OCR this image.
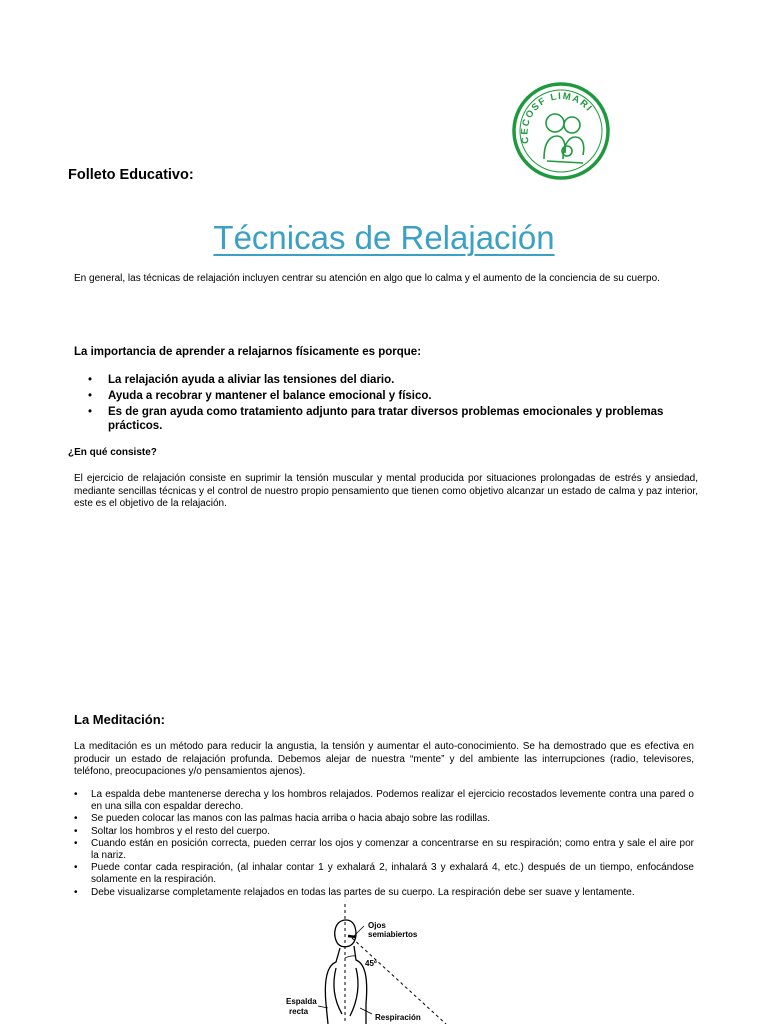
CECOSF LIMARI
Folleto Educativo:
Técnicas de Relajación
En general, las técnicas de relajación incluyen centrar su atención en algo que lo calma y el aumento de la conciencia de su cuerpo.
La importancia de aprender a relajarnos físicamente es porque:
• La relajación ayuda a aliviar las tensiones del diario.
• Ayuda a recobrar y mantener el balance emocional y físico.
• Es de gran ayuda como tratamiento adjunto para tratar diversos problemas emocionales y problemas prácticos.
¿En qué consiste?
El ejercicio de relajación consiste en suprimir la tensión muscular y mental producida por situaciones prolongadas de estrés y ansiedad, mediante sencillas técnicas y el control de nuestro propio pensamiento que tienen como objetivo alcanzar un estado de calma y paz interior, este es el objetivo de la relajación.
La Meditación:
La meditación es un método para reducir la angustia, la tensión y aumentar el auto-conocimiento. Se ha demostrado que es efectiva en producir un estado de relajación profunda. Debemos alejar de nuestra “mente” y del ambiente las interrupciones (radio, televisores, teléfono, preocupaciones y/o pensamientos ajenos).
• La espalda debe mantenerse derecha y los hombros relajados. Podemos realizar el ejercicio recostados levemente contra una pared o en una silla con espaldar derecho.
• Se pueden colocar las manos con las palmas hacia arriba o hacia abajo sobre las rodillas.
• Soltar los hombros y el resto del cuerpo.
• Cuando están en posición correcta, pueden cerrar los ojos y comenzar a concentrarse en su respiración; como entra y sale el aire por la nariz.
• Puede contar cada respiración, (al inhalar contar 1 y exhalará 2, inhalará 3 y exhalará 4, etc.) después de un tiempo, enfocándose solamente en la respiración.
• Debe visualizarse completamente relajados en todas las partes de su cuerpo. La respiración debe ser suave y lentamente.
Ojos
semiabiertos
45º
Espalda
recta
Respiración
